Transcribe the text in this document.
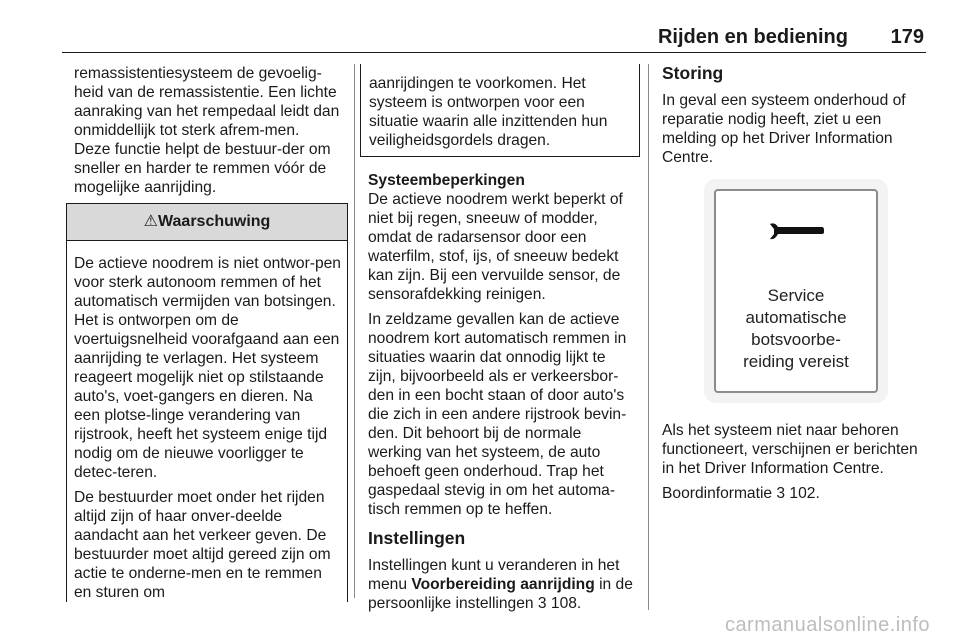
Rijden en bediening 179

remassistentiesysteem de gevoelig-heid van de remassistentie. Een lichte aanraking van het rempedaal leidt dan onmiddellijk tot sterk afrem-men. Deze functie helpt de bestuur-der om sneller en harder te remmen vóór de mogelijke aanrijding.

⚠Waarschuwing

De actieve noodrem is niet ontwor-pen voor sterk autonoom remmen of het automatisch vermijden van botsingen. Het is ontworpen om de voertuigsnelheid voorafgaand aan een aanrijding te verlagen. Het systeem reageert mogelijk niet op stilstaande auto's, voet-gangers en dieren. Na een plotse-linge verandering van rijstrook, heeft het systeem enige tijd nodig om de nieuwe voorligger te detec-teren.

De bestuurder moet onder het rijden altijd zijn of haar onver-deelde aandacht aan het verkeer geven. De bestuurder moet altijd gereed zijn om actie te onderne-men en te remmen en sturen om

aanrijdingen te voorkomen. Het systeem is ontworpen voor een situatie waarin alle inzittenden hun veiligheidsgordels dragen.

Systeembeperkingen

De actieve noodrem werkt beperkt of niet bij regen, sneeuw of modder, omdat de radarsensor door een waterfilm, stof, ijs, of sneeuw bedekt kan zijn. Bij een vervuilde sensor, de sensorafdekking reinigen.

In zeldzame gevallen kan de actieve noodrem kort automatisch remmen in situaties waarin dat onnodig lijkt te zijn, bijvoorbeeld als er verkeersbor-den in een bocht staan of door auto's die zich in een andere rijstrook bevin-den. Dit behoort bij de normale werking van het systeem, de auto behoeft geen onderhoud. Trap het gaspedaal stevig in om het automa-tisch remmen op te heffen.

Instellingen

Instellingen kunt u veranderen in het menu Voorbereiding aanrijding in de persoonlijke instellingen 3 108.

Storing

In geval een systeem onderhoud of reparatie nodig heeft, ziet u een melding op het Driver Information Centre.

Service
automatische
botsvoorbe-
reiding vereist

Als het systeem niet naar behoren functioneert, verschijnen er berichten in het Driver Information Centre.

Boordinformatie 3 102.

carmanualsonline.info
